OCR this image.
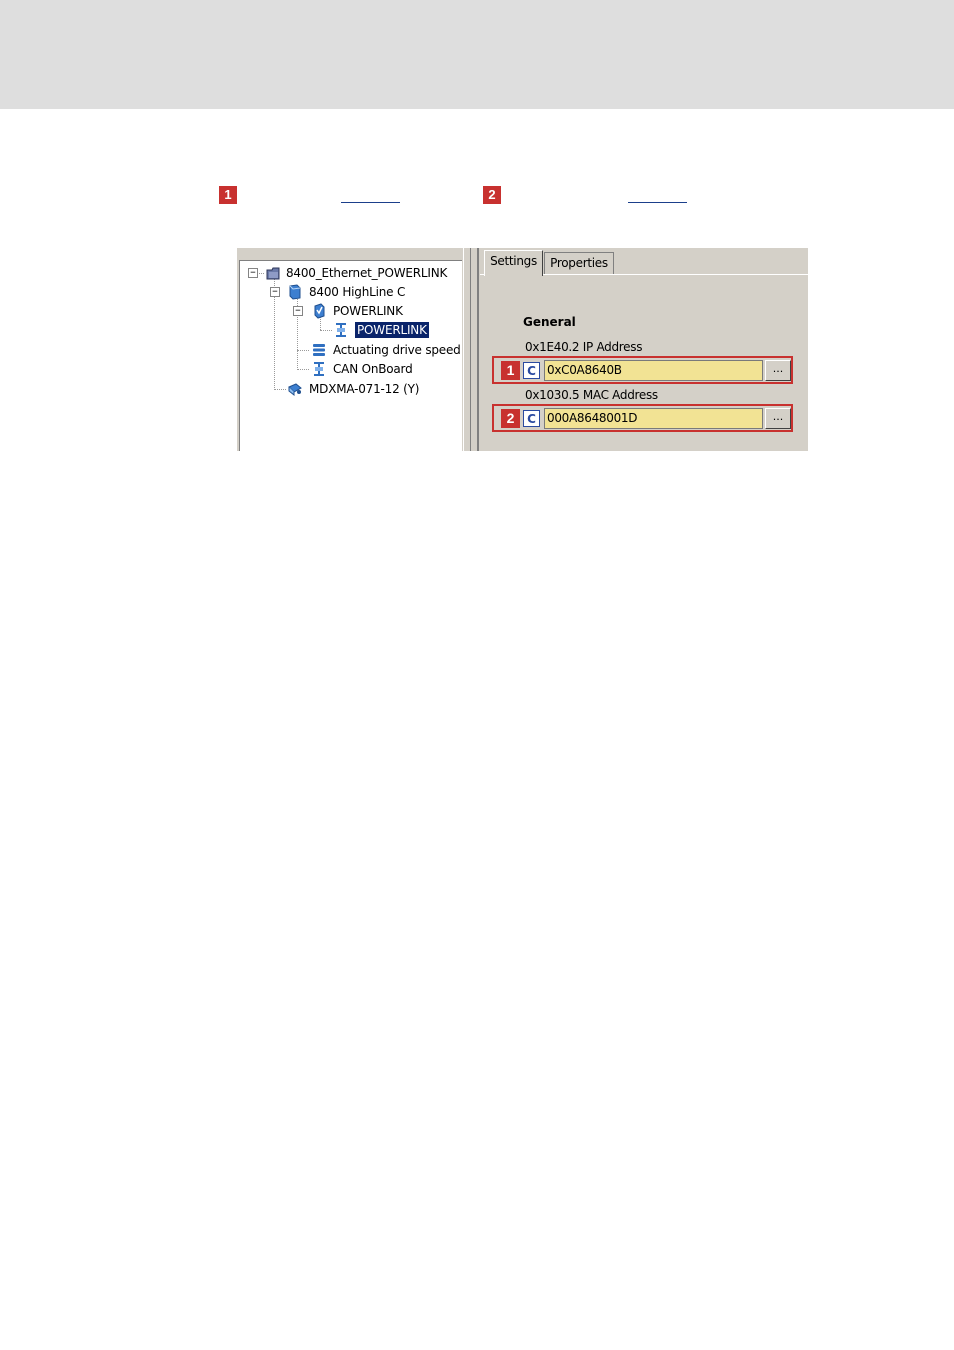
1	2
−	8400_Ethernet_POWERLINK
−	8400 HighLine C
−	POWERLINK
POWERLINK
Actuating drive speed
CAN OnBoard
MDXMA-071-12 (Y)
Settings	Properties
General
0x1E40.2 IP Address
1	C 0xC0A8640B	...
0x1030.5 MAC Address
2	C 000A8648001D	...
